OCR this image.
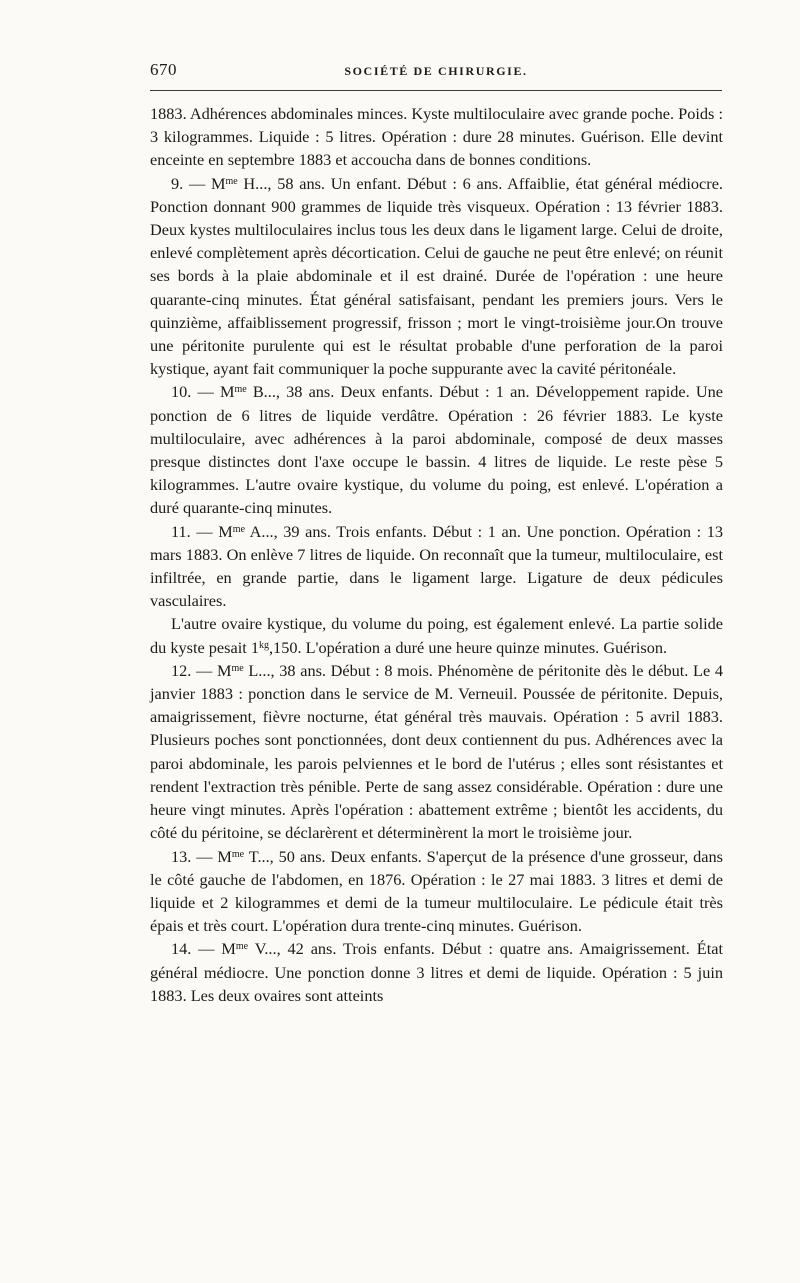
670	SOCIÉTÉ DE CHIRURGIE.

1883. Adhérences abdominales minces. Kyste multiloculaire avec grande poche. Poids : 3 kilogrammes. Liquide : 5 litres. Opération : dure 28 minutes. Guérison. Elle devint enceinte en septembre 1883 et accoucha dans de bonnes conditions.

9. — $M^{me}$ H..., 58 ans. Un enfant. Début : 6 ans. Affaiblie, état général médiocre. Ponction donnant 900 grammes de liquide très visqueux. Opération : 13 février 1883. Deux kystes multiloculaires inclus tous les deux dans le ligament large. Celui de droite, enlevé complètement après décortication. Celui de gauche ne peut être enlevé; on réunit ses bords à la plaie abdominale et il est drainé. Durée de l'opération : une heure quarante-cinq minutes. État général satisfaisant, pendant les premiers jours. Vers le quinzième, affaiblissement progressif, frisson ; mort le vingt-troisième jour.On trouve une péritonite purulente qui est le résultat probable d'une perforation de la paroi kystique, ayant fait communiquer la poche suppurante avec la cavité péritonéale.

10. — $M^{me}$ B..., 38 ans. Deux enfants. Début : 1 an. Développement rapide. Une ponction de 6 litres de liquide verdâtre. Opération : 26 février 1883. Le kyste multiloculaire, avec adhérences à la paroi abdominale, composé de deux masses presque distinctes dont l'axe occupe le bassin. 4 litres de liquide. Le reste pèse 5 kilogrammes. L'autre ovaire kystique, du volume du poing, est enlevé. L'opération a duré quarante-cinq minutes.

11. — $M^{me}$ A..., 39 ans. Trois enfants. Début : 1 an. Une ponction. Opération : 13 mars 1883. On enlève 7 litres de liquide. On reconnaît que la tumeur, multiloculaire, est infiltrée, en grande partie, dans le ligament large. Ligature de deux pédicules vasculaires.

L'autre ovaire kystique, du volume du poing, est également enlevé. La partie solide du kyste pesait $1^{kg},150$. L'opération a duré une heure quinze minutes. Guérison.

12. — $M^{me}$ L..., 38 ans. Début : 8 mois. Phénomène de péritonite dès le début. Le 4 janvier 1883 : ponction dans le service de M. Verneuil. Poussée de péritonite. Depuis, amaigrissement, fièvre nocturne, état général très mauvais. Opération : 5 avril 1883. Plusieurs poches sont ponctionnées, dont deux contiennent du pus. Adhérences avec la paroi abdominale, les parois pelviennes et le bord de l'utérus ; elles sont résistantes et rendent l'extraction très pénible. Perte de sang assez considérable. Opération : dure une heure vingt minutes. Après l'opération : abattement extrême ; bientôt les accidents, du côté du péritoine, se déclarèrent et déterminèrent la mort le troisième jour.

13. — $M^{me}$ T..., 50 ans. Deux enfants. S'aperçut de la présence d'une grosseur, dans le côté gauche de l'abdomen, en 1876. Opération : le 27 mai 1883. 3 litres et demi de liquide et 2 kilogrammes et demi de la tumeur multiloculaire. Le pédicule était très épais et très court. L'opération dura trente-cinq minutes. Guérison.

14. — $M^{me}$ V..., 42 ans. Trois enfants. Début : quatre ans. Amaigrissement. État général médiocre. Une ponction donne 3 litres et demi de liquide. Opération : 5 juin 1883. Les deux ovaires sont atteints
